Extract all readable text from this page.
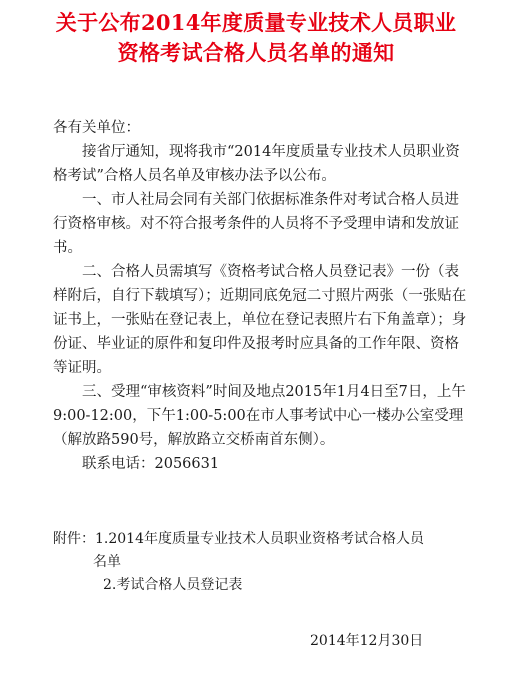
关于公布2014年度质量专业技术人员职业
资格考试合格人员名单的通知

各有关单位：

接省厅通知，现将我市“2014年度质量专业技术人员职业资格考试”合格人员名单及审核办法予以公布。

一、市人社局会同有关部门依据标准条件对考试合格人员进行资格审核。对不符合报考条件的人员将不予受理申请和发放证书。

二、合格人员需填写《资格考试合格人员登记表》一份（表样附后，自行下载填写）；近期同底免冠二寸照片两张（一张贴在证书上，一张贴在登记表上，单位在登记表照片右下角盖章）；身份证、毕业证的原件和复印件及报考时应具备的工作年限、资格等证明。

三、受理“审核资料”时间及地点2015年1月4日至7日，上午9:00-12:00，下午1:00-5:00在市人事考试中心一楼办公室受理（解放路590号，解放路立交桥南首东侧）。

联系电话：2056631

附件：1.2014年度质量专业技术人员职业资格考试合格人员
名单
2.考试合格人员登记表
2014年12月30日
